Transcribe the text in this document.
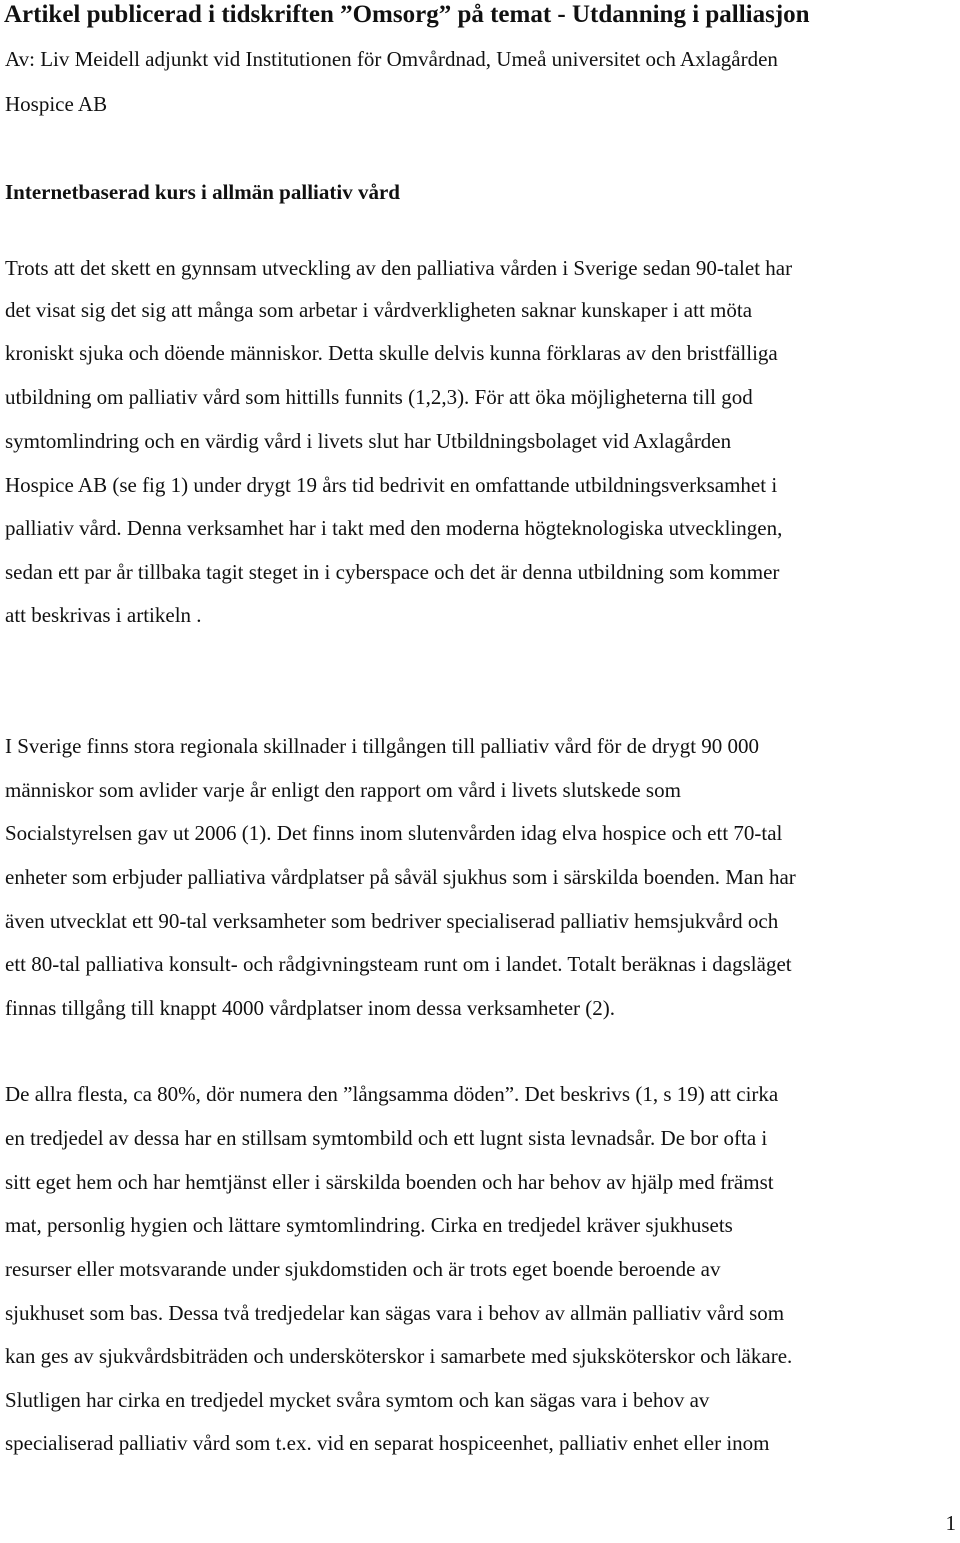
Artikel publicerad i tidskriften ”Omsorg” på temat - Utdanning i palliasjon
Av: Liv Meidell adjunkt vid Institutionen för Omvårdnad, Umeå universitet och Axlagården
Hospice AB
Internetbaserad kurs i allmän palliativ vård
Trots att det skett en gynnsam utveckling av den palliativa vården i Sverige sedan 90-talet har
det visat sig det sig att många som arbetar i vårdverkligheten saknar kunskaper i att möta
kroniskt sjuka och döende människor. Detta skulle delvis kunna förklaras av den bristfälliga
utbildning om palliativ vård som hittills funnits (1,2,3). För att öka möjligheterna till god
symtomlindring och en värdig vård i livets slut har Utbildningsbolaget vid Axlagården
Hospice AB (se fig 1) under drygt 19 års tid bedrivit en omfattande utbildningsverksamhet i
palliativ vård. Denna verksamhet har i takt med den moderna högteknologiska utvecklingen,
sedan ett par år tillbaka tagit steget in i cyberspace och det är denna utbildning som kommer
att beskrivas i artikeln .
I Sverige finns stora regionala skillnader i tillgången till palliativ vård för de drygt 90 000
människor som avlider varje år enligt den rapport om vård i livets slutskede som
Socialstyrelsen gav ut 2006 (1). Det finns inom slutenvården idag elva hospice och ett 70-tal
enheter som erbjuder palliativa vårdplatser på såväl sjukhus som i särskilda boenden. Man har
även utvecklat ett 90-tal verksamheter som bedriver specialiserad palliativ hemsjukvård och
ett 80-tal palliativa konsult- och rådgivningsteam runt om i landet. Totalt beräknas i dagsläget
finnas tillgång till knappt 4000 vårdplatser inom dessa verksamheter (2).
De allra flesta, ca 80%, dör numera den ”långsamma döden”. Det beskrivs (1, s 19) att cirka
en tredjedel av dessa har en stillsam symtombild och ett lugnt sista levnadsår. De bor ofta i
sitt eget hem och har hemtjänst eller i särskilda boenden och har behov av hjälp med främst
mat, personlig hygien och lättare symtomlindring. Cirka en tredjedel kräver sjukhusets
resurser eller motsvarande under sjukdomstiden och är trots eget boende beroende av
sjukhuset som bas. Dessa två tredjedelar kan sägas vara i behov av allmän palliativ vård som
kan ges av sjukvårdsbiträden och undersköterskor i samarbete med sjuksköterskor och läkare.
Slutligen har cirka en tredjedel mycket svåra symtom och kan sägas vara i behov av
specialiserad palliativ vård som t.ex. vid en separat hospiceenhet, palliativ enhet eller inom
1
